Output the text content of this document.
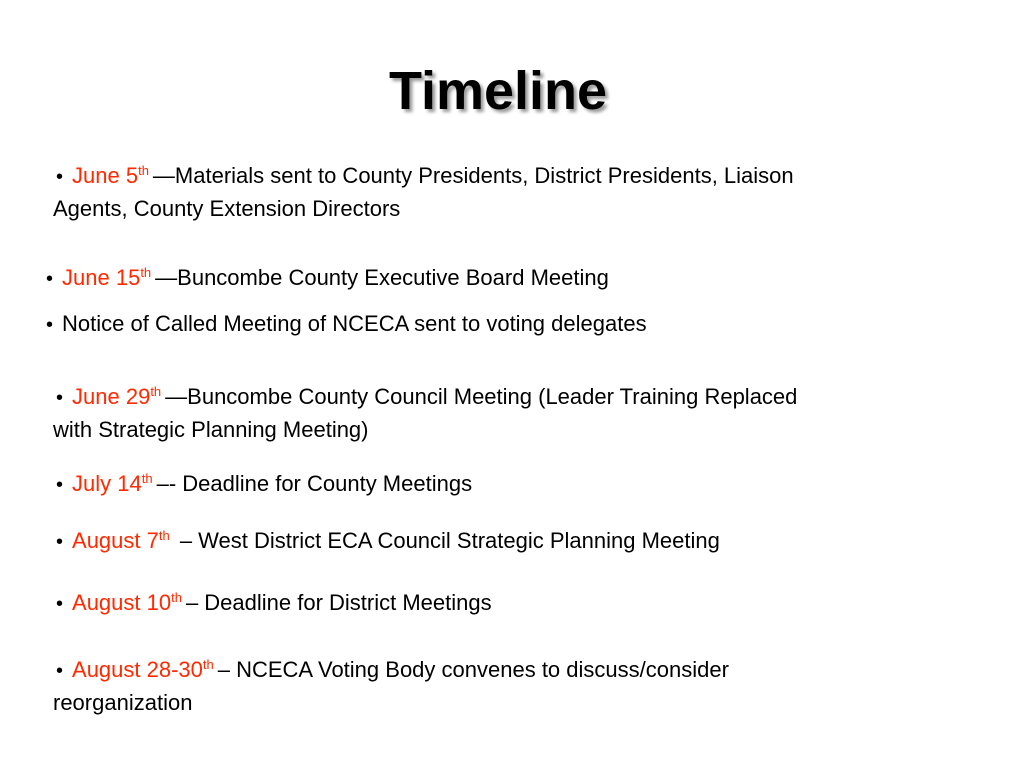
Timeline
• June 5th —Materials sent to County Presidents, District Presidents, Liaison
Agents, County Extension Directors
• June 15th —Buncombe County Executive Board Meeting
• Notice of Called Meeting of NCECA sent to voting delegates
• June 29th —Buncombe County Council Meeting (Leader Training Replaced
with Strategic Planning Meeting)
• July 14th –- Deadline for County Meetings
• August 7th – West District ECA Council Strategic Planning Meeting
• August 10th – Deadline for District Meetings
• August 28-30th – NCECA Voting Body convenes to discuss/consider
reorganization
